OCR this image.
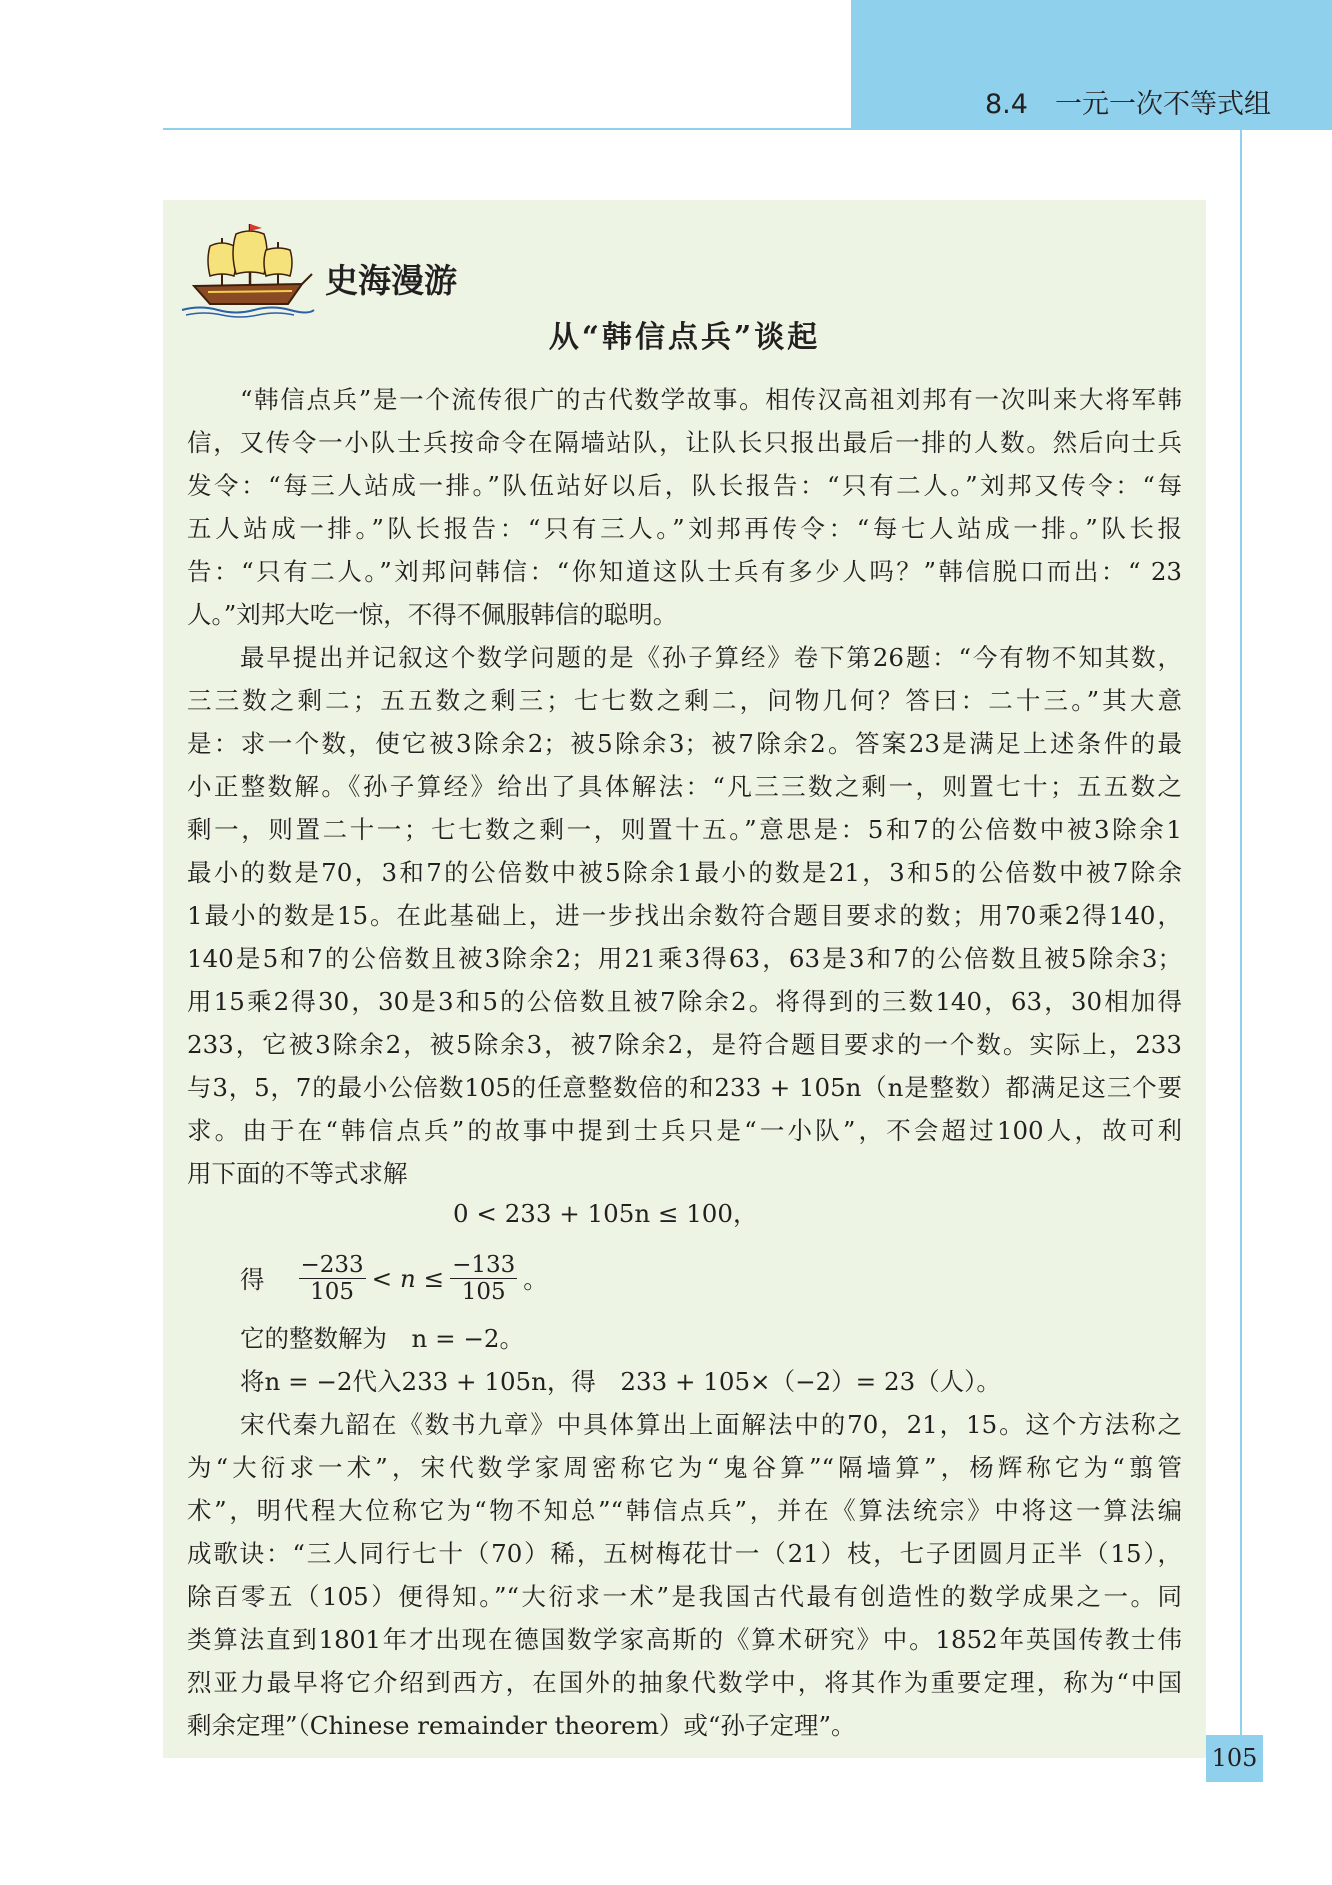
8.4　一元一次不等式组
史海漫游
从“韩信点兵”谈起
“韩信点兵”是一个流传很广的古代数学故事。相传汉高祖刘邦有一次叫来大将军韩
信，又传令一小队士兵按命令在隔墙站队，让队长只报出最后一排的人数。然后向士兵
发令：“每三人站成一排。”队伍站好以后，队长报告：“只有二人。”刘邦又传令：“每
五人站成一排。”队长报告：“只有三人。”刘邦再传令：“每七人站成一排。”队长报
告：“只有二人。”刘邦问韩信：“你知道这队士兵有多少人吗？”韩信脱口而出：“ 23
人。”刘邦大吃一惊，不得不佩服韩信的聪明。
最早提出并记叙这个数学问题的是《孙子算经》卷下第26题：“今有物不知其数，
三三数之剩二；五五数之剩三；七七数之剩二，问物几何？答曰：二十三。”其大意
是：求一个数，使它被3除余2；被5除余3；被7除余2。答案23是满足上述条件的最
小正整数解。《孙子算经》给出了具体解法：“凡三三数之剩一，则置七十；五五数之
剩一，则置二十一；七七数之剩一，则置十五。”意思是：5和7的公倍数中被3除余1
最小的数是70，3和7的公倍数中被5除余1最小的数是21，3和5的公倍数中被7除余
1最小的数是15。在此基础上，进一步找出余数符合题目要求的数；用70乘2得140，
140是5和7的公倍数且被3除余2；用21乘3得63，63是3和7的公倍数且被5除余3；
用15乘2得30，30是3和5的公倍数且被7除余2。将得到的三数140，63，30相加得
233，它被3除余2，被5除余3，被7除余2，是符合题目要求的一个数。实际上，233
与3，5，7的最小公倍数105的任意整数倍的和233 + 105n（n是整数）都满足这三个要
求。由于在“韩信点兵”的故事中提到士兵只是“一小队”，不会超过100人，故可利
用下面的不等式求解
0 < 233 + 105n ≤ 100，
得 $\frac{-233}{105} < n \le \frac{-133}{105}$ 。
它的整数解为　n = −2。
将n = −2代入233 + 105n，得　233 + 105×（−2）= 23（人）。
宋代秦九韶在《数书九章》中具体算出上面解法中的70，21，15。这个方法称之
为“大衍求一术”，宋代数学家周密称它为“鬼谷算”“隔墙算”，杨辉称它为“翦管
术”，明代程大位称它为“物不知总”“韩信点兵”，并在《算法统宗》中将这一算法编
成歌诀：“三人同行七十（70）稀，五树梅花廿一（21）枝，七子团圆月正半（15），
除百零五（105）便得知。”“大衍求一术”是我国古代最有创造性的数学成果之一。同
类算法直到1801年才出现在德国数学家高斯的《算术研究》中。1852年英国传教士伟
烈亚力最早将它介绍到西方，在国外的抽象代数学中，将其作为重要定理，称为“中国
剩余定理”（Chinese remainder theorem）或“孙子定理”。
105
